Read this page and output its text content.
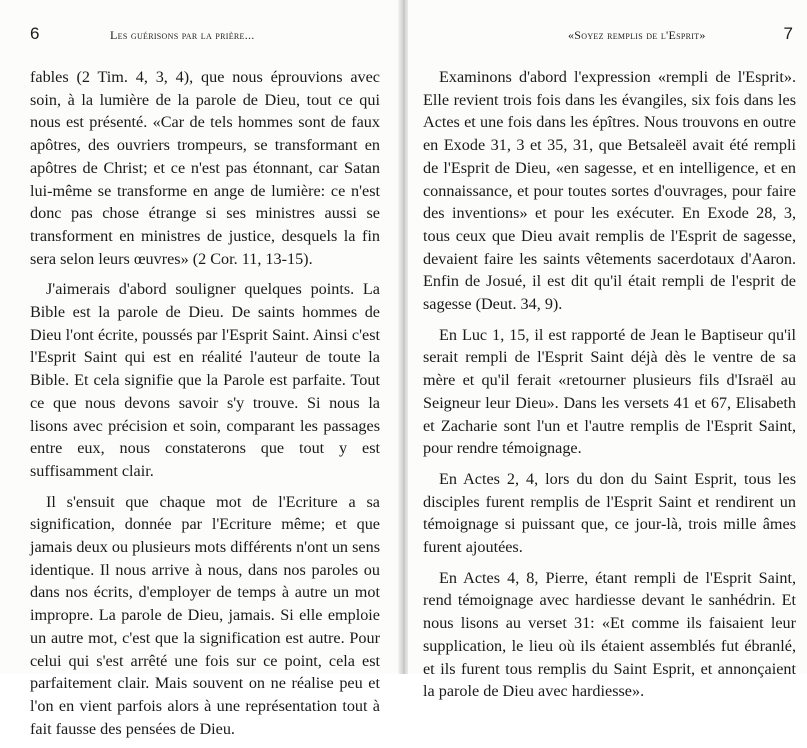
6	Les guérisons par la prière...

fables (2 Tim. 4, 3, 4), que nous éprouvions avec soin, à la lumière de la parole de Dieu, tout ce qui nous est présenté. «Car de tels hommes sont de faux apôtres, des ouvriers trompeurs, se transformant en apôtres de Christ; et ce n'est pas étonnant, car Satan lui-même se transforme en ange de lumière: ce n'est donc pas chose étrange si ses ministres aussi se transforment en ministres de justice, desquels la fin sera selon leurs œuvres» (2 Cor. 11, 13-15).

J'aimerais d'abord souligner quelques points. La Bible est la parole de Dieu. De saints hommes de Dieu l'ont écrite, poussés par l'Esprit Saint. Ainsi c'est l'Esprit Saint qui est en réalité l'auteur de toute la Bible. Et cela signifie que la Parole est parfaite. Tout ce que nous devons savoir s'y trouve. Si nous la lisons avec précision et soin, comparant les passages entre eux, nous constaterons que tout y est suffisamment clair.

Il s'ensuit que chaque mot de l'Ecriture a sa signification, donnée par l'Ecriture même; et que jamais deux ou plusieurs mots différents n'ont un sens identique. Il nous arrive à nous, dans nos paroles ou dans nos écrits, d'employer de temps à autre un mot impropre. La parole de Dieu, jamais. Si elle emploie un autre mot, c'est que la signification est autre. Pour celui qui s'est arrêté une fois sur ce point, cela est parfaitement clair. Mais souvent on ne réalise peu et l'on en vient parfois alors à une représentation tout à fait fausse des pensées de Dieu.

«Soyez remplis de l'Esprit»	7

Examinons d'abord l'expression «rempli de l'Esprit». Elle revient trois fois dans les évangiles, six fois dans les Actes et une fois dans les épîtres. Nous trouvons en outre en Exode 31, 3 et 35, 31, que Betsaleël avait été rempli de l'Esprit de Dieu, «en sagesse, et en intelligence, et en connaissance, et pour toutes sortes d'ouvrages, pour faire des inventions» et pour les exécuter. En Exode 28, 3, tous ceux que Dieu avait remplis de l'Esprit de sagesse, devaient faire les saints vêtements sacerdotaux d'Aaron. Enfin de Josué, il est dit qu'il était rempli de l'esprit de sagesse (Deut. 34, 9).

En Luc 1, 15, il est rapporté de Jean le Baptiseur qu'il serait rempli de l'Esprit Saint déjà dès le ventre de sa mère et qu'il ferait «retourner plusieurs fils d'Israël au Seigneur leur Dieu». Dans les versets 41 et 67, Elisabeth et Zacharie sont l'un et l'autre remplis de l'Esprit Saint, pour rendre témoignage.

En Actes 2, 4, lors du don du Saint Esprit, tous les disciples furent remplis de l'Esprit Saint et rendirent un témoignage si puissant que, ce jour-là, trois mille âmes furent ajoutées.

En Actes 4, 8, Pierre, étant rempli de l'Esprit Saint, rend témoignage avec hardiesse devant le sanhédrin. Et nous lisons au verset 31: «Et comme ils faisaient leur supplication, le lieu où ils étaient assemblés fut ébranlé, et ils furent tous remplis du Saint Esprit, et annonçaient la parole de Dieu avec hardiesse».
